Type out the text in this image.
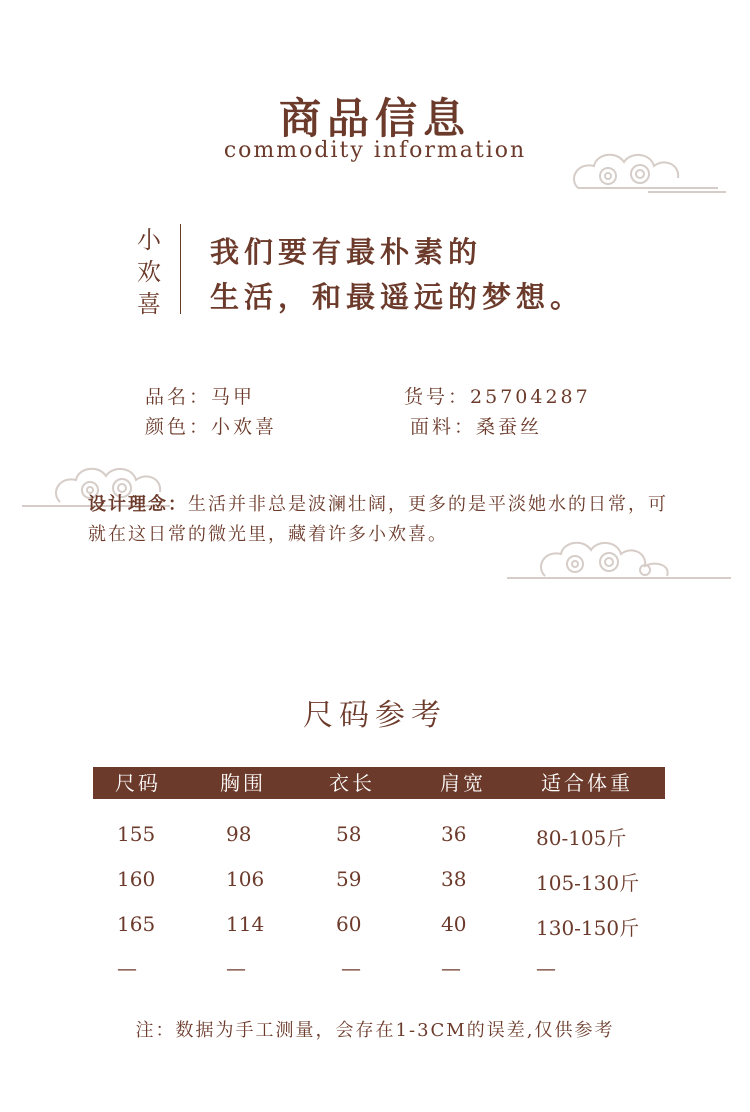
商品信息
commodity information
小
欢
喜
我们要有最朴素的
生活，和最遥远的梦想。
品名：马甲	货号：25704287
颜色：小欢喜	面料：桑蚕丝
设计理念：生活并非总是波澜壮阔，更多的是平淡她水的日常，可就在这日常的微光里，藏着许多小欢喜。
尺码参考
尺码	胸围	衣长	肩宽	适合体重
155	98	58	36	80-105斤
160	106	59	38	105-130斤
165	114	60	40	130-150斤
—	—	—	—	—
注：数据为手工测量，会存在1-3CM的误差,仅供参考
